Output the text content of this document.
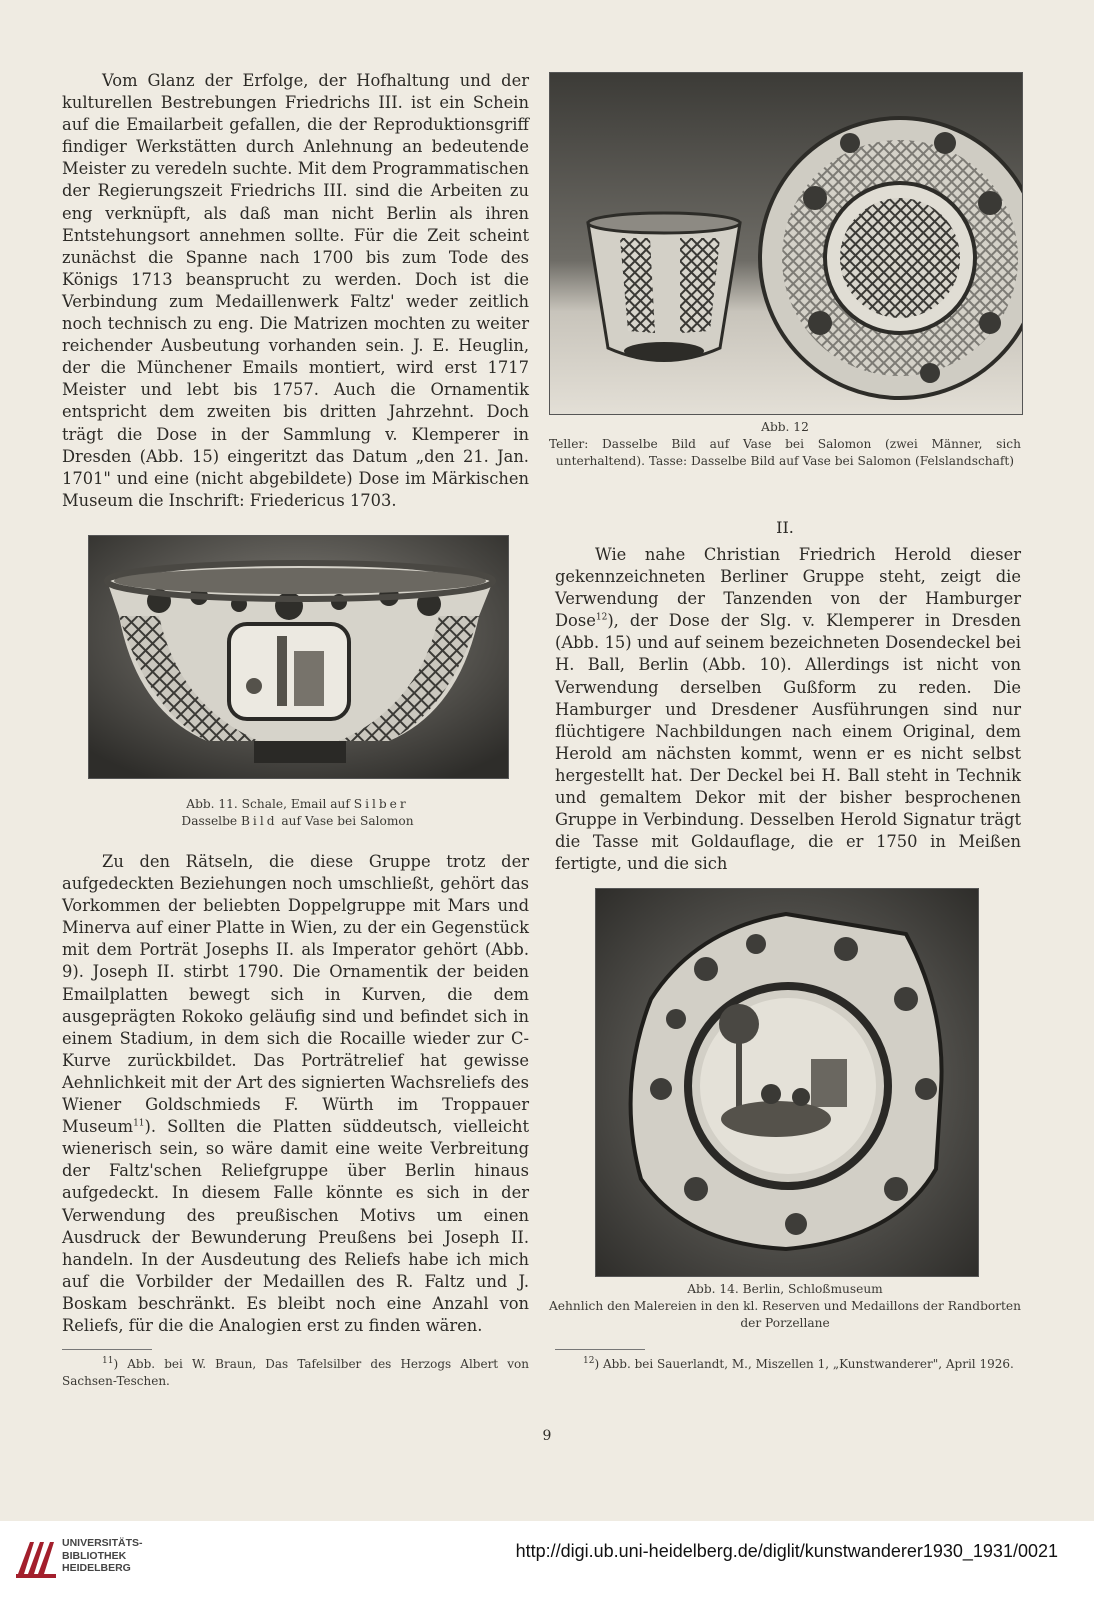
Vom Glanz der Erfolge, der Hofhaltung und der kulturellen Bestrebungen Friedrichs III. ist ein Schein auf die Emailarbeit gefallen, die der Reproduktionsgriff findiger Werkstätten durch Anlehnung an bedeutende Meister zu veredeln suchte. Mit dem Programmatischen der Regierungszeit Friedrichs III. sind die Arbeiten zu eng verknüpft, als daß man nicht Berlin als ihren Entstehungsort annehmen sollte. Für die Zeit scheint zunächst die Spanne nach 1700 bis zum Tode des Königs 1713 beansprucht zu werden. Doch ist die Verbindung zum Medaillenwerk Faltz' weder zeitlich noch technisch zu eng. Die Matrizen mochten zu weiter reichender Ausbeutung vorhanden sein. J. E. Heuglin, der die Münchener Emails montiert, wird erst 1717 Meister und lebt bis 1757. Auch die Ornamentik entspricht dem zweiten bis dritten Jahrzehnt. Doch trägt die Dose in der Sammlung v. Klemperer in Dresden (Abb. 15) eingeritzt das Datum „den 21. Jan. 1701" und eine (nicht abgebildete) Dose im Märkischen Museum die Inschrift: Friedericus 1703.

Abb. 11. Schale, Email auf Silber
Dasselbe Bild auf Vase bei Salomon

Zu den Rätseln, die diese Gruppe trotz der aufgedeckten Beziehungen noch umschließt, gehört das Vorkommen der beliebten Doppelgruppe mit Mars und Minerva auf einer Platte in Wien, zu der ein Gegenstück mit dem Porträt Josephs II. als Imperator gehört (Abb. 9). Joseph II. stirbt 1790. Die Ornamentik der beiden Emailplatten bewegt sich in Kurven, die dem ausgeprägten Rokoko geläufig sind und befindet sich in einem Stadium, in dem sich die Rocaille wieder zur C-Kurve zurückbildet. Das Porträtrelief hat gewisse Aehnlichkeit mit der Art des signierten Wachsreliefs des Wiener Goldschmieds F. Würth im Troppauer Museum$^{11}$). Sollten die Platten süddeutsch, vielleicht wienerisch sein, so wäre damit eine weite Verbreitung der Faltz'schen Reliefgruppe über Berlin hinaus aufgedeckt. In diesem Falle könnte es sich in der Verwendung des preußischen Motivs um einen Ausdruck der Bewunderung Preußens bei Joseph II. handeln. In der Ausdeutung des Reliefs habe ich mich auf die Vorbilder der Medaillen des R. Faltz und J. Boskam beschränkt. Es bleibt noch eine Anzahl von Reliefs, für die die Analogien erst zu finden wären.

$^{11}$) Abb. bei W. Braun, Das Tafelsilber des Herzogs Albert von Sachsen-Teschen.
Abb. 12
Teller: Dasselbe Bild auf Vase bei Salomon (zwei Männer, sich unterhaltend). Tasse: Dasselbe Bild auf Vase bei Salomon (Felslandschaft)
II.

Wie nahe Christian Friedrich Herold dieser gekennzeichneten Berliner Gruppe steht, zeigt die Verwendung der Tanzenden von der Hamburger Dose$^{12}$), der Dose der Slg. v. Klemperer in Dresden (Abb. 15) und auf seinem bezeichneten Dosendeckel bei H. Ball, Berlin (Abb. 10). Allerdings ist nicht von Verwendung derselben Gußform zu reden. Die Hamburger und Dresdener Ausführungen sind nur flüchtigere Nachbildungen nach einem Original, dem Herold am nächsten kommt, wenn er es nicht selbst hergestellt hat. Der Deckel bei H. Ball steht in Technik und gemaltem Dekor mit der bisher besprochenen Gruppe in Verbindung. Desselben Herold Signatur trägt die Tasse mit Goldauflage, die er 1750 in Meißen fertigte, und die sich

Abb. 14. Berlin, Schloßmuseum
Aehnlich den Malereien in den kl. Reserven und Medaillons der Randborten der Porzellane
$^{12}$) Abb. bei Sauerlandt, M., Miszellen 1, „Kunstwanderer", April 1926.
9
UNIVERSITÄTS-
BIBLIOTHEK
HEIDELBERG
http://digi.ub.uni-heidelberg.de/diglit/kunstwanderer1930_1931/0021
